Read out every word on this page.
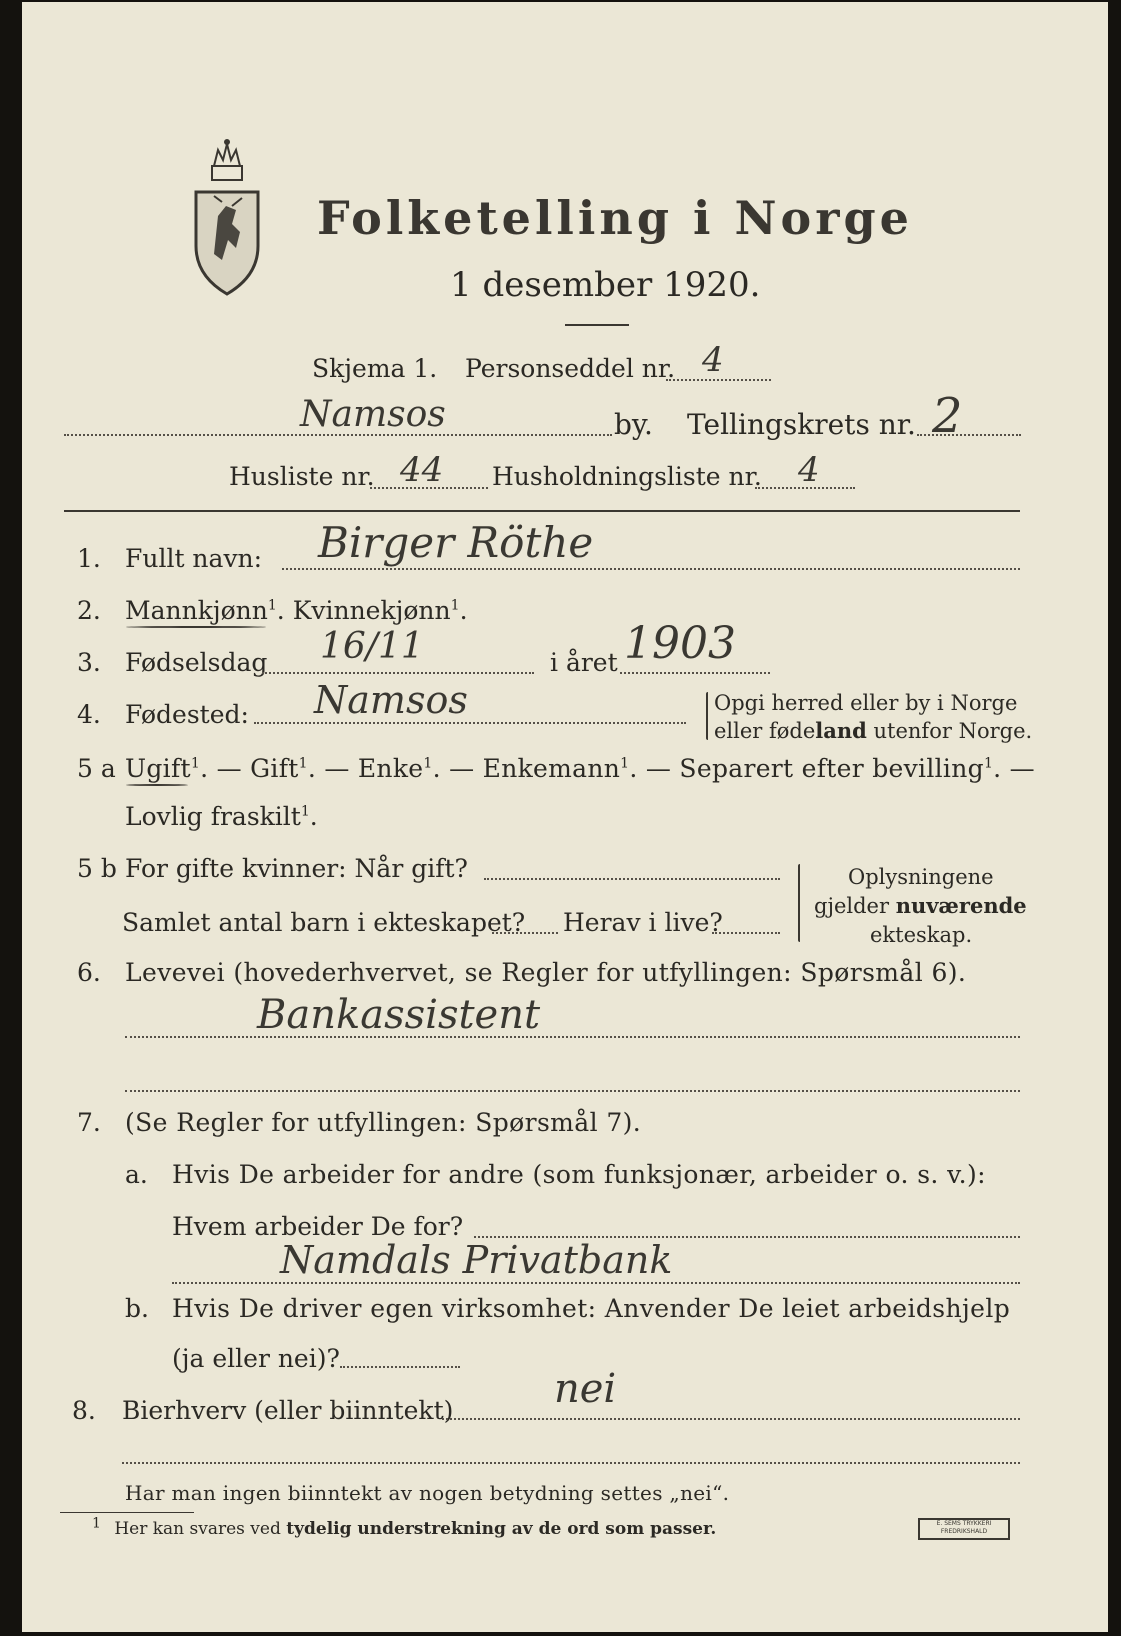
Folketelling i Norge
1 desember 1920.
Skjema 1. Personseddel nr. 4
Namsos	by. Tellingskrets nr. 2
Husliste nr. 44 Husholdningsliste nr. 4
1. Fullt navn: Birger Röthe
2. Mannkjønn$^1$. Kvinnekjønn$^1$.
3. Fødselsdag 16/11	i året 1903
4. Fødested: Namsos	Opgi herred eller by i Norge
eller fødeland utenfor Norge.
5 a Ugift$^1$. — Gift$^1$. — Enke$^1$. — Enkemann$^1$. — Separert efter bevilling$^1$. —
Lovlig fraskilt$^1$.
5 b For gifte kvinner: Når gift?
Samlet antal barn i ekteskapet? Herav i live?
Oplysningene
gjelder nuværende
ekteskap.
6. Levevei (hovederhvervet, se Regler for utfyllingen: Spørsmål 6).
Bankassistent
7. (Se Regler for utfyllingen: Spørsmål 7).
a. Hvis De arbeider for andre (som funksjonær, arbeider o. s. v.):
Hvem arbeider De for?
Namdals Privatbank
b. Hvis De driver egen virksomhet: Anvender De leiet arbeidshjelp
(ja eller nei)?
8. Bierhverv (eller biinntekt)	nei
Har man ingen biinntekt av nogen betydning settes „nei“.
$^1$ Her kan svares ved tydelig understrekning av de ord som passer.	E. SEMS TRYKKERI
FREDRIKSHALD
